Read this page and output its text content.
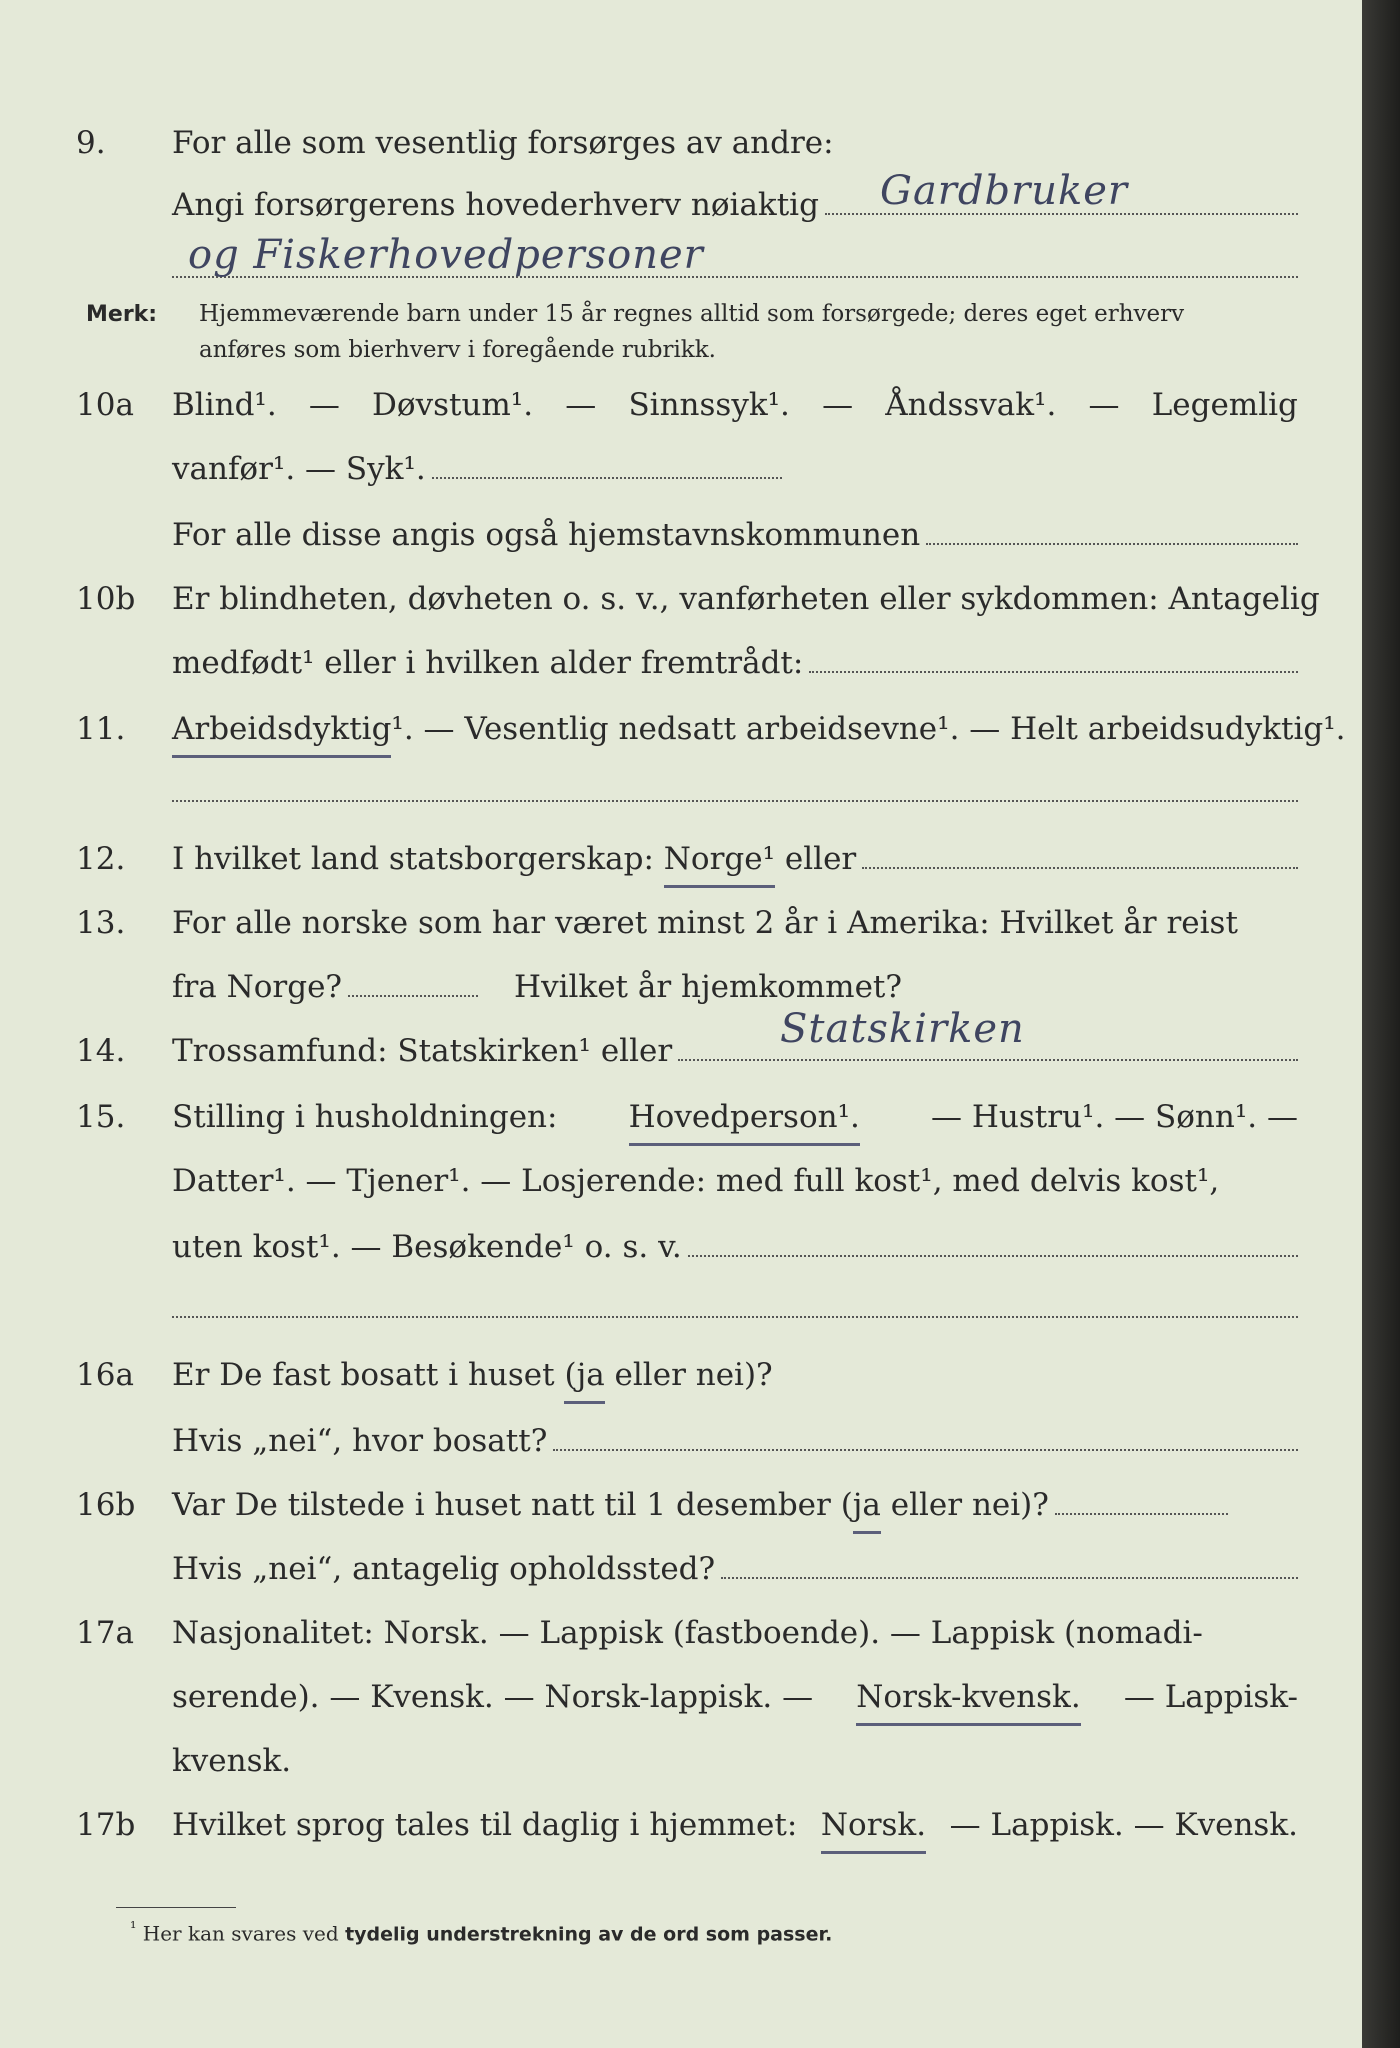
9. For alle som vesentlig forsørges av andre:
Angi forsørgerens hovederhverv nøiaktig Gardbruker
og Fiskerhovedpersoner
Merk: Hjemmeværende barn under 15 år regnes alltid som forsørgede; deres eget erhverv
anføres som bierhverv i foregående rubrikk.
10a Blind¹. — Døvstum¹. — Sinnssyk¹. — Åndssvak¹. — Legemlig
vanfør¹. — Syk¹.
For alle disse angis også hjemstavnskommunen
10b Er blindheten, døvheten o. s. v., vanførheten eller sykdommen: Antagelig
medfødt¹ eller i hvilken alder fremtrådt:
11. Arbeidsdyktig ¹. — Vesentlig nedsatt arbeidsevne¹. — Helt arbeidsudyktig¹.
12. I hvilket land statsborgerskap:
Norge¹
eller
13. For alle norske som har været minst 2 år i Amerika: Hvilket år reist
fra Norge?	Hvilket år hjemkommet?
14. Trossamfund: Statskirken¹ eller	Statskirken
15. Stilling i husholdningen: Hovedperson¹. — Hustru¹. — Sønn¹. —
Datter¹. — Tjener¹. — Losjerende: med full kost¹, med delvis kost¹,
uten kost¹. — Besøkende¹ o. s. v.
16a Er De fast bosatt i huset
(ja
eller nei)?
Hvis „nei“, hvor bosatt?
16b Var De tilstede i huset natt til 1 desember ( ja
eller nei)?
Hvis „nei“, antagelig opholdssted?
17a Nasjonalitet: Norsk. — Lappisk (fastboende). — Lappisk (nomadi-
serende). — Kvensk. — Norsk-lappisk. — Norsk-kvensk. — Lappisk-
kvensk.
17b Hvilket sprog tales til daglig i hjemmet: Norsk. — Lappisk. — Kvensk.
$^{^1}$ Her kan svares ved tydelig understrekning av de ord som passer.
